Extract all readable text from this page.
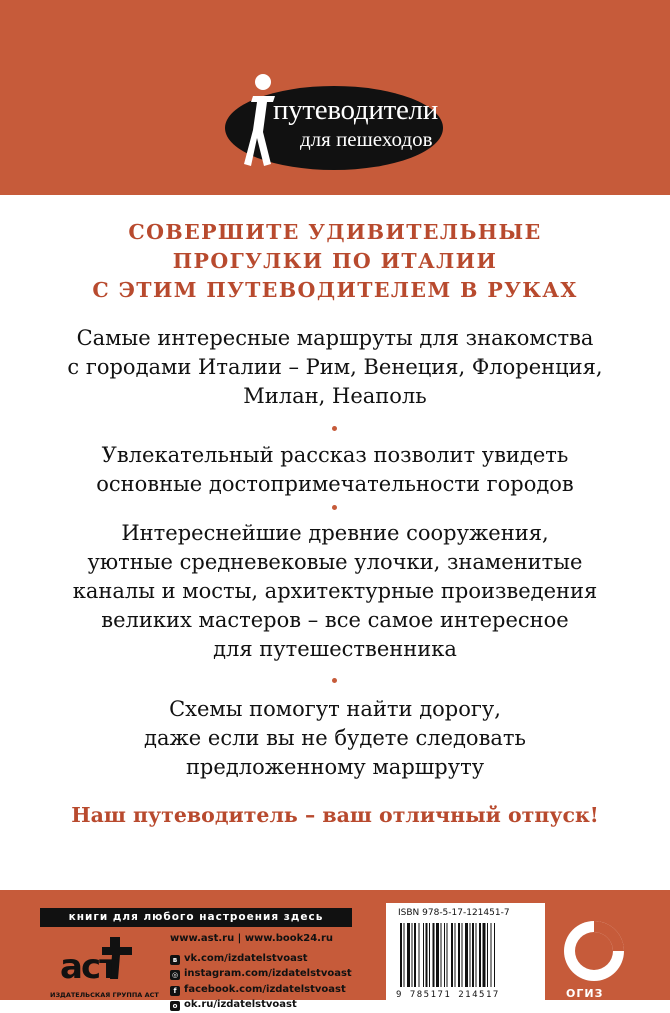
путеводители
для пешеходов
СОВЕРШИТЕ УДИВИТЕЛЬНЫЕ
ПРОГУЛКИ ПО ИТАЛИИ
С ЭТИМ ПУТЕВОДИТЕЛЕМ В РУКАХ
Самые интересные маршруты для знакомства
с городами Италии – Рим, Венеция, Флоренция,
Милан, Неаполь
Увлекательный рассказ позволит увидеть
основные достопримечательности городов
Интереснейшие древние сооружения,
уютные средневековые улочки, знаменитые
каналы и мосты, архитектурные произведения
великих мастеров – все самое интересное
для путешественника
Схемы помогут найти дорогу,
даже если вы не будете следовать
предложенному маршруту
Наш путеводитель – ваш отличный отпуск!
книги для любого настроения здесь
аст
ИЗДАТЕЛЬСКАЯ ГРУППА АСТ
www.ast.ru | www.book24.ru
в vk.com/izdatelstvoast
◎ instagram.com/izdatelstvoast
f facebook.com/izdatelstvoast
о ok.ru/izdatelstvoast
ISBN 978-5-17-121451-7
9 785171 214517	ОГИЗ
